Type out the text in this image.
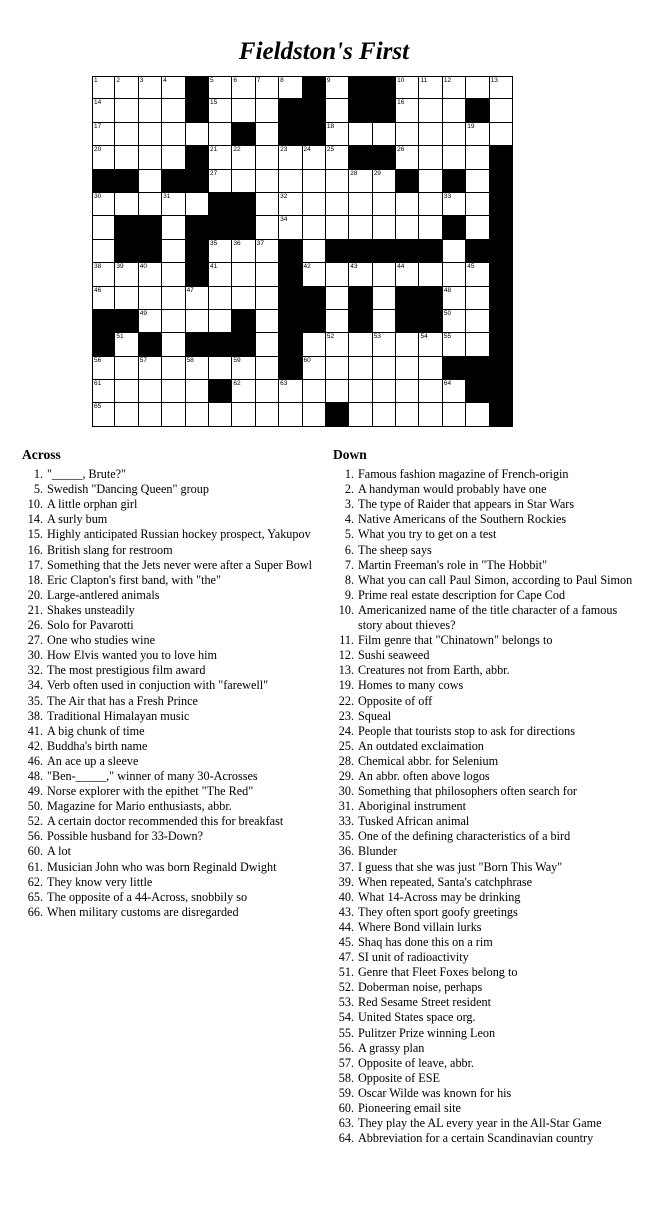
Fieldston's First
1	2	3	4	5	6	7	8	9	10 11	12	13
14	15	16
17	18	19
20	21 22	23 24 25	26
27	28 29
30	31	32	33
34
35 36 37
38 39 40	41	42	43	44	45
46	47	48
49	50
51	52	53	54 55
56	57	58	59	60
61	62	63	64
65
Across
1. "_____, Brute?"
5. Swedish "Dancing Queen" group
10. A little orphan girl
14. A surly bum
15. Highly anticipated Russian hockey prospect, Yakupov
16. British slang for restroom
17. Something that the Jets never were after a Super Bowl
18. Eric Clapton's first band, with "the"
20. Large-antlered animals
21. Shakes unsteadily
26. Solo for Pavarotti
27. One who studies wine
30. How Elvis wanted you to love him
32. The most prestigious film award
34. Verb often used in conjuction with "farewell"
35. The Air that has a Fresh Prince
38. Traditional Himalayan music
41. A big chunk of time
42. Buddha's birth name
46. An ace up a sleeve
48. "Ben-_____," winner of many 30-Acrosses
49. Norse explorer with the epithet "The Red"
50. Magazine for Mario enthusiasts, abbr.
52. A certain doctor recommended this for breakfast
56. Possible husband for 33-Down?
60. A lot
61. Musician John who was born Reginald Dwight
62. They know very little
65. The opposite of a 44-Across, snobbily so
66. When military customs are disregarded
Down
1. Famous fashion magazine of French-origin
2. A handyman would probably have one
3. The type of Raider that appears in Star Wars
4. Native Americans of the Southern Rockies
5. What you try to get on a test
6. The sheep says
7. Martin Freeman's role in "The Hobbit"
8. What you can call Paul Simon, according to Paul Simon
9. Prime real estate description for Cape Cod
10. Americanized name of the title character of a famous story about thieves?
11. Film genre that "Chinatown" belongs to
12. Sushi seaweed
13. Creatures not from Earth, abbr.
19. Homes to many cows
22. Opposite of off
23. Squeal
24. People that tourists stop to ask for directions
25. An outdated exclaimation
28. Chemical abbr. for Selenium
29. An abbr. often above logos
30. Something that philosophers often search for
31. Aboriginal instrument
33. Tusked African animal
35. One of the defining characteristics of a bird
36. Blunder
37. I guess that she was just "Born This Way"
39. When repeated, Santa's catchphrase
40. What 14-Across may be drinking
43. They often sport goofy greetings
44. Where Bond villain lurks
45. Shaq has done this on a rim
47. SI unit of radioactivity
51. Genre that Fleet Foxes belong to
52. Doberman noise, perhaps
53. Red Sesame Street resident
54. United States space org.
55. Pulitzer Prize winning Leon
56. A grassy plan
57. Opposite of leave, abbr.
58. Opposite of ESE
59. Oscar Wilde was known for his
60. Pioneering email site
63. They play the AL every year in the All-Star Game
64. Abbreviation for a certain Scandinavian country
